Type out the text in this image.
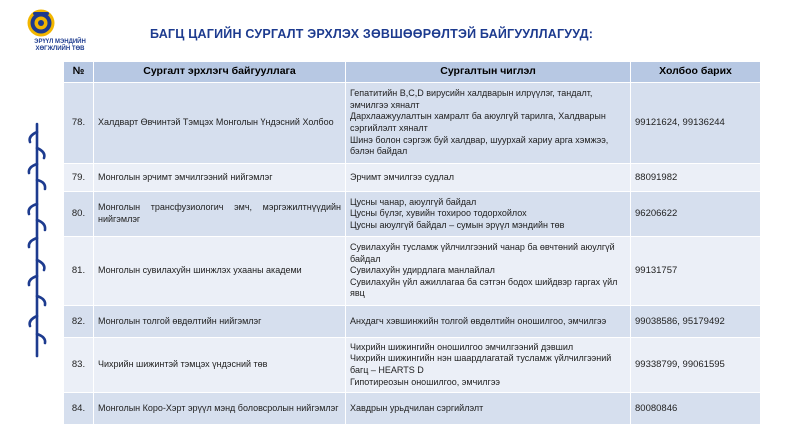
ЭРҮҮЛ МЭНДИЙН
ХӨГЖЛИЙН ТӨВ
БАГЦ ЦАГИЙН СУРГАЛТ ЭРХЛЭХ ЗӨВШӨӨРӨЛТЭЙ БАЙГУУЛЛАГУУД:
№	Сургалт эрхлэгч байгууллага	Сургалтын чиглэл	Холбоо барих
78.	Халдварт Өвчинтэй Тэмцэх Монголын Үндэсний Холбоо	Гепатитийн В,С,D вирусийн халдварын илрүүлэг, тандалт, эмчилгээ хяналт
Дархлаажуулалтын хамралт ба аюулгүй тарилга, Халдварын сэргийлэлт хяналт
Шинэ болон сэргэж буй халдвар, шуурхай хариу арга хэмжээ, бэлэн байдал	99121624, 99136244
79.	Монголын эрчимт эмчилгээний нийгэмлэг	Эрчимт эмчилгээ судлал	88091982
80.	Монголын трансфузиологич эмч, мэргэжилтнүүдийн нийгэмлэг	Цусны чанар, аюулгүй байдал
Цусны бүлэг, хувийн тохироо тодорхойлох
Цусны аюулгүй байдал – сумын эрүүл мэндийн төв	96206622
81.	Монголын сувилахуйн шинжлэх ухааны академи	Сувилахуйн тусламж үйлчилгээний чанар ба өвчтөний аюулгүй байдал
Сувилахуйн удирдлага манлайлал
Сувилахуйн үйл ажиллагаа ба сэтгэн бодох шийдвэр гаргах үйл явц	99131757
82.	Монголын толгой өвдөлтийн нийгэмлэг	Анхдагч хэвшинжийн толгой өвдөлтийн оношилгоо, эмчилгээ	99038586, 95179492
83.	Чихрийн шижинтэй тэмцэх үндэсний төв	Чихрийн шижингийн оношилгоо эмчилгээний дэвшил
Чихрийн шижингийн нэн шаардлагатай тусламж үйлчилгээний багц – HEARTS D
Гипотиреозын оношилгоо, эмчилгээ	99338799, 99061595
84.	Монголын Коро-Хэрт эрүүл мэнд боловсролын нийгэмлэг	Хавдрын урьдчилан сэргийлэлт	80080846
